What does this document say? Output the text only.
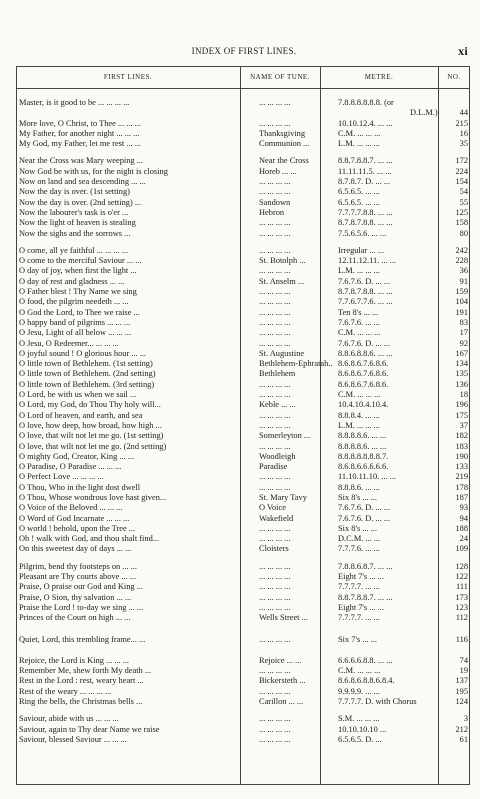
INDEX OF FIRST LINES.	xi
FIRST LINES.	NAME OF TUNE.	METRE.	NO.
Master, is it good to be ... ... ... ...	... ... ... ...	7.8.8.8.8.8.8. (or
D.L.M.)	44
More love, O Christ, to Thee ... ... ...	... ... ... ...	10.10.12.4. ... ...	215
My Father, for another night ... ... ...	Thanksgiving	C.M. ... ... ...	16
My God, my Father, let me rest ... ...	Communion ...	L.M. ... ... ...	35
Near the Cross was Mary weeping ...	Near the Cross	8.8.7.8.8.7. ... ...	172
Now God be with us, for the night is closing	Horeb ... ...	11.11.11.5. ... ...	224
Now on land and sea descending ... ...	... ... ... ...	8.7.8.7. D. ... ...	154
Now the day is over. (1st setting)	... ... ... ...	6.5.6.5. ... ...	54
Now the day is over. (2nd setting) ...	Sandown	6.5.6.5. ... ...	55
Now the labourer's task is o'er ...	Hebron	7.7.7.7.8.8. ... ...	125
Now the light of heaven is stealing	... ... ... ...	8.7.8.7.8.8. ... ...	158
Now the sighs and the sorrows ...	... ... ... ...	7.5.6.5.6. ... ...	80
O come, all ye faithful ... ... ... ...	... ... ... ...	Irregular ... ...	242
O come to the merciful Saviour ... ...	St. Botolph ...	12.11.12.11. ... ...	228
O day of joy, when first the light ...	... ... ... ...	L.M. ... ... ...	36
O day of rest and gladness ... ...	St. Anselm ...	7.6.7.6. D. ... ...	91
O Father blest ! Thy Name we sing	... ... ... ...	8.7.8.7.8.8. ... ...	159
O food, the pilgrim needeth ... ...	... ... ... ...	7.7.6.7.7.6. ... ...	104
O God the Lord, to Thee we raise ...	... ... ... ...	Ten 8's ... ...	191
O happy band of pilgrims ... ... ...	... ... ... ...	7.6.7.6. ... ...	83
O Jesu, Light of all below ... ... ...	... ... ... ...	C.M. ... ... ...	17
O Jesu, O Redeemer... ... ... ...	... ... ... ...	7.6.7.6. D. ... ...	92
O joyful sound ! O glorious hour ... ...	St. Augustine	8.8.6.8.8.6. ... ...	167
O little town of Bethlehem. (1st setting)	Bethlehem-Ephratah.. 8.6.8.6.7.6.8.6.	134
O little town of Bethlehem. (2nd setting)	Bethlehem	8.6.8.6.7.6.8.6.	135
O little town of Bethlehem. (3rd setting)	... ... ... ...	8.6.8.6.7.6.8.6.	136
O Lord, be with us when we sail ...	... ... ... ...	C.M. ... ... ...	18
O Lord, my God, do Thou Thy holy will...	Keble ... ...	10.4.10.4.10.4.	196
O Lord of heaven, and earth, and sea	... ... ... ...	8.8.8.4. ... ...	175
O love, how deep, how broad, how high ...	... ... ... ...	L.M. ... ... ...	37
O love, that wilt not let me go. (1st setting)	Somerleyton ...	8.8.8.8.6. ... ...	182
O love, that wilt not let me go. (2nd setting)	... ... ... ...	8.8.8.8.6. ... ...	183
O mighty God, Creator, King ... ...	Woodleigh	8.8.8.8.8.8.8.7.	190
O Paradise, O Paradise ... ... ...	Paradise	8.6.8.6.6.6.6.6.	133
O Perfect Love ... ... ... ...	... ... ... ...	11.10.11.10. ... ...	219
O Thou, Who in the light dost dwell	... ... ... ...	8.8.8.6. ... ...	178
O Thou, Whose wondrous love hast given...	St. Mary Tavy	Six 8's ... ...	187
O Voice of the Beloved ... ... ...	O Voice	7.6.7.6. D. ... ...	93
O Word of God Incarnate ... ... ...	Wakefield	7.6.7.6. D. ... ...	94
O world ! behold, upon the Tree ...	... ... ... ...	Six 8's ... ...	188
Oh ! walk with God, and thou shalt find...	... ... ... ...	D.C.M. ... ...	24
On this sweetest day of days ... ...	Cloisters	7.7.7.6. ... ...	109
Pilgrim, bend thy footsteps on ... ...	... ... ... ...	7.8.8.6.8.7. ... ...	128
Pleasant are Thy courts above ... ...	... ... ... ...	Eight 7's ... ...	122
Praise, O praise our God and King ...	... ... ... ...	7.7.7.7. ... ...	111
Praise, O Sion, thy salvation ... ...	... ... ... ...	8.8.7.8.8.7. ... ...	173
Praise the Lord ! to-day we sing ... ...	... ... ... ...	Eight 7's ... ...	123
Princes of the Court on high ... ...	Wells Street ...	7.7.7.7. ... ...	112
Quiet, Lord, this trembling frame... ...	... ... ... ...	Six 7's ... ...	116
Rejoice, the Lord is King ... ... ...	Rejoice ... ...	6.6.6.6.8.8. ... ...	74
Remember Me, shew forth My death ...	... ... ... ...	C.M. ... ... ...	19
Rest in the Lord : rest, weary heart ...	Bickersteth ...	8.6.8.6.8.8.6.8.4.	137
Rest of the weary ... ... ... ...	... ... ... ...	9.9.9.9. ... ...	195
Ring the bells, the Christmas bells ...	Carillon ... ...	7.7.7.7. D. with Chorus	124
Saviour, abide with us ... ... ...	... ... ... ...	S.M. ... ... ...	3
Saviour, again to Thy dear Name we raise	... ... ... ...	10.10.10.10 ...	212
Saviour, blessed Saviour ... ... ...	... ... ... ...	6.5.6.5. D. ...	61
